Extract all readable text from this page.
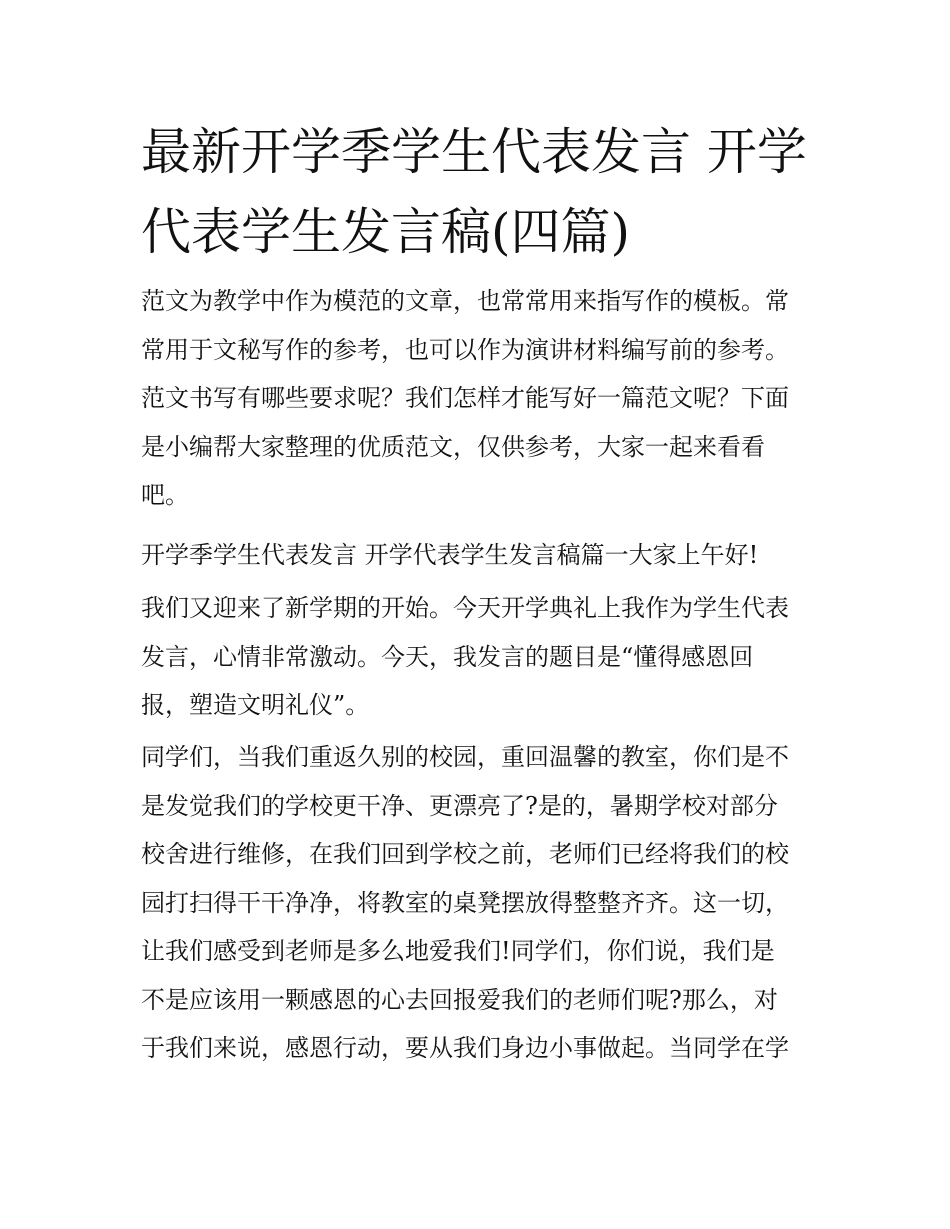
最新开学季学生代表发言 开学
代表学生发言稿(四篇)
范文为教学中作为模范的文章，也常常用来指写作的模板。常
常用于文秘写作的参考，也可以作为演讲材料编写前的参考。
范文书写有哪些要求呢？我们怎样才能写好一篇范文呢？下面
是小编帮大家整理的优质范文，仅供参考，大家一起来看看
吧。
开学季学生代表发言 开学代表学生发言稿篇一大家上午好!
我们又迎来了新学期的开始。今天开学典礼上我作为学生代表
发言，心情非常激动。今天，我发言的题目是“懂得感恩回
报，塑造文明礼仪”。
同学们，当我们重返久别的校园，重回温馨的教室，你们是不
是发觉我们的学校更干净、更漂亮了?是的，暑期学校对部分
校舍进行维修，在我们回到学校之前，老师们已经将我们的校
园打扫得干干净净，将教室的桌凳摆放得整整齐齐。这一切，
让我们感受到老师是多么地爱我们!同学们，你们说，我们是
不是应该用一颗感恩的心去回报爱我们的老师们呢?那么，对
于我们来说，感恩行动，要从我们身边小事做起。当同学在学
